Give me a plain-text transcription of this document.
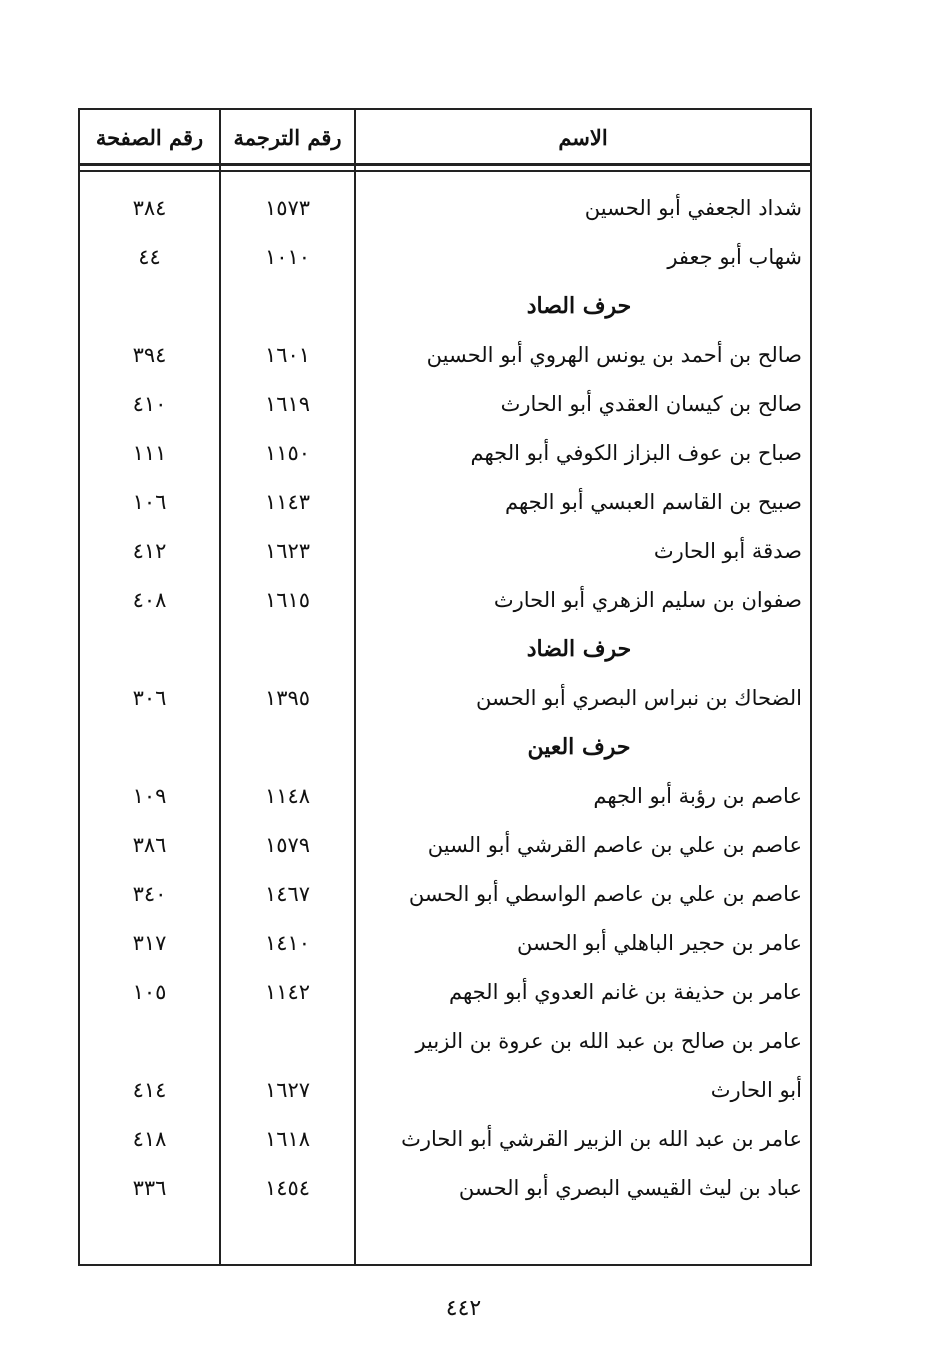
الاسم
رقم الترجمة
رقم الصفحة
شداد الجعفي أبو الحسين
١٥٧٣
٣٨٤
شهاب أبو جعفر
١٠١٠
٤٤
حرف الصاد
صالح بن أحمد بن يونس الهروي أبو الحسين
١٦٠١
٣٩٤
صالح بن كيسان العقدي أبو الحارث
١٦١٩
٤١٠
صباح بن عوف البزاز الكوفي أبو الجهم
١١٥٠
١١١
صبيح بن القاسم العبسي أبو الجهم
١١٤٣
١٠٦
صدقة أبو الحارث
١٦٢٣
٤١٢
صفوان بن سليم الزهري أبو الحارث
١٦١٥
٤٠٨
حرف الضاد
الضحاك بن نبراس البصري أبو الحسن
١٣٩٥
٣٠٦
حرف العين
عاصم بن رؤبة أبو الجهم
١١٤٨
١٠٩
عاصم بن علي بن عاصم القرشي أبو السين
١٥٧٩
٣٨٦
عاصم بن علي بن عاصم الواسطي أبو الحسن
١٤٦٧
٣٤٠
عامر بن حجير الباهلي أبو الحسن
١٤١٠
٣١٧
عامر بن حذيفة بن غانم العدوي أبو الجهم
١١٤٢
١٠٥
عامر بن صالح بن عبد الله بن عروة بن الزبير
أبو الحارث
١٦٢٧
٤١٤
عامر بن عبد الله بن الزبير القرشي أبو الحارث
١٦١٨
٤١٨
عباد بن ليث القيسي البصري أبو الحسن
١٤٥٤
٣٣٦
٤٤٢
